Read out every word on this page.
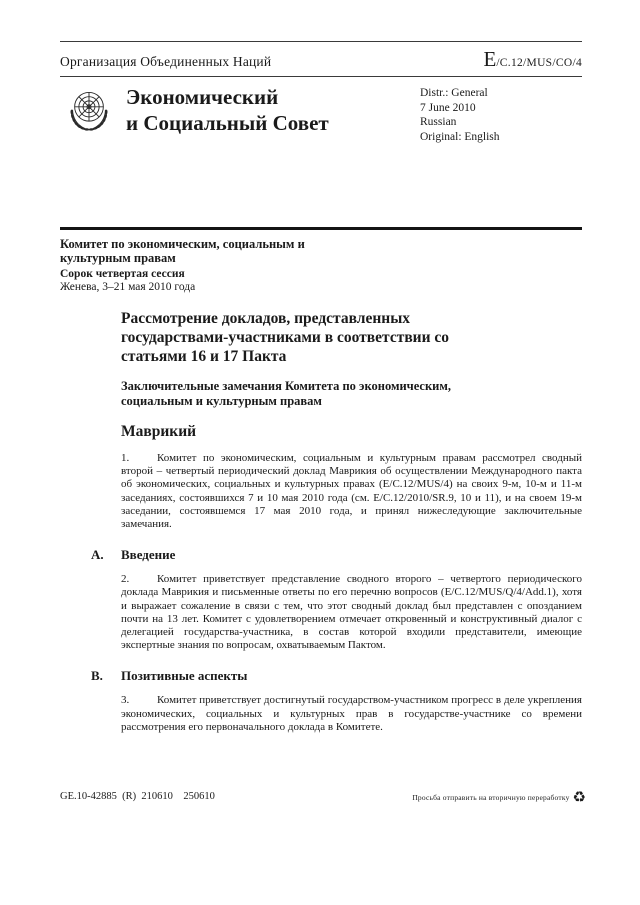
Организация Объединенных Наций	E/C.12/MUS/CO/4
Экономический
и Социальный Совет
Distr.: General
7 June 2010
Russian
Original: English
Комитет по экономическим, социальным и культурным правам
Сорок четвертая сессия
Женева, 3–21 мая 2010 года
Рассмотрение докладов, представленных государствами-участниками в соответствии со статьями 16 и 17 Пакта
Заключительные замечания Комитета по экономическим, социальным и культурным правам
Маврикий

1.	Комитет по экономическим, социальным и культурным правам рассмотрел сводный второй – четвертый периодический доклад Маврикия об осуществлении Международного пакта об экономических, социальных и культурных правах (E/C.12/MUS/4) на своих 9-м, 10-м и 11-м заседаниях, состоявшихся 7 и 10 мая 2010 года (см. E/C.12/2010/SR.9, 10 и 11), и на своем 19-м заседании, состоявшемся 17 мая 2010 года, и принял нижеследующие заключительные замечания.

A. Введение

2.	Комитет приветствует представление сводного второго – четвертого периодического доклада Маврикия и письменные ответы по его перечню вопросов (E/C.12/MUS/Q/4/Add.1), хотя и выражает сожаление в связи с тем, что этот сводный доклад был представлен с опозданием почти на 13 лет. Комитет с удовлетворением отмечает откровенный и конструктивный диалог с делегацией государства-участника, в состав которой входили представители, имеющие экспертные знания по вопросам, охватываемым Пактом.

B. Позитивные аспекты

3.	Комитет приветствует достигнутый государством-участником прогресс в деле укрепления экономических, социальных и культурных прав в государстве-участнике со времени рассмотрения его первоначального доклада в Комитете.

GE.10-42885  (R)  210610    250610	Просьба отправить на вторичную переработку ♻
